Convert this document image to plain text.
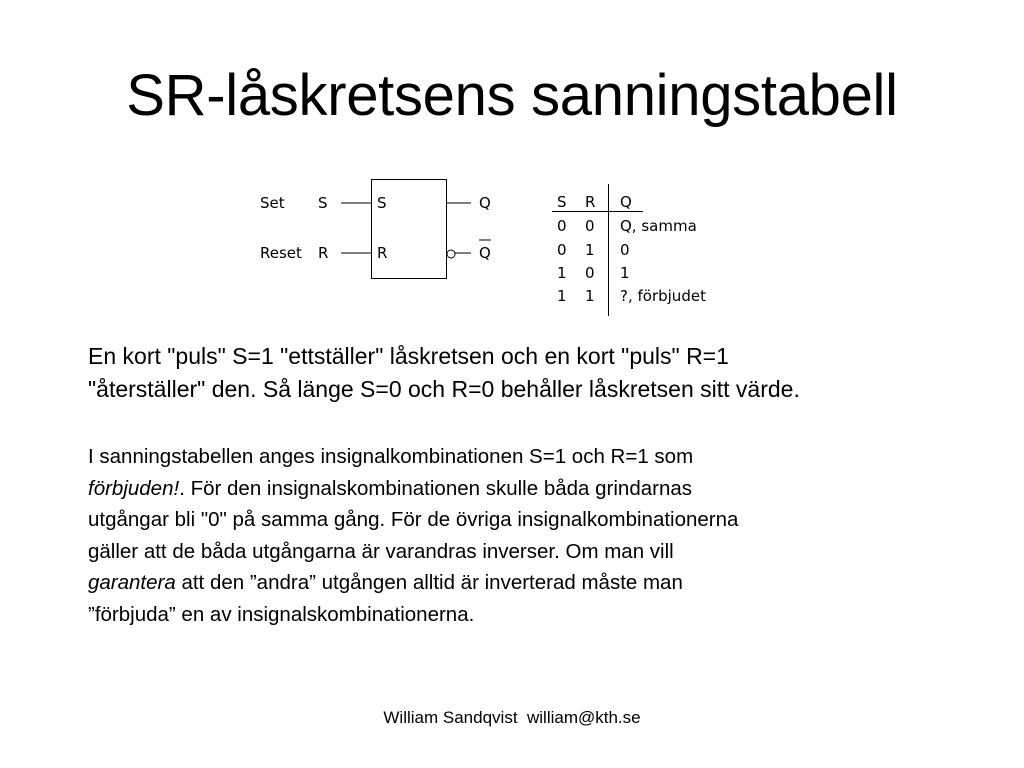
SR-låskretsens sanningstabell
Set S
Reset R
S
R
Q
Q
S R Q
0 0 Q, samma
0 1 0
1 0 1
1 1 ?, förbjudet
En kort "puls" S=1 "ettställer" låskretsen och en kort "puls" R=1
"återställer" den. Så länge S=0 och R=0 behåller låskretsen sitt värde.
I sanningstabellen anges insignalkombinationen S=1 och R=1 som
förbjuden!. För den insignalskombinationen skulle båda grindarnas
utgångar bli "0" på samma gång. För de övriga insignalkombinationerna
gäller att de båda utgångarna är varandras inverser. Om man vill
garantera att den ”andra” utgången alltid är inverterad måste man
”förbjuda” en av insignalskombinationerna.
William Sandqvist  william@kth.se
